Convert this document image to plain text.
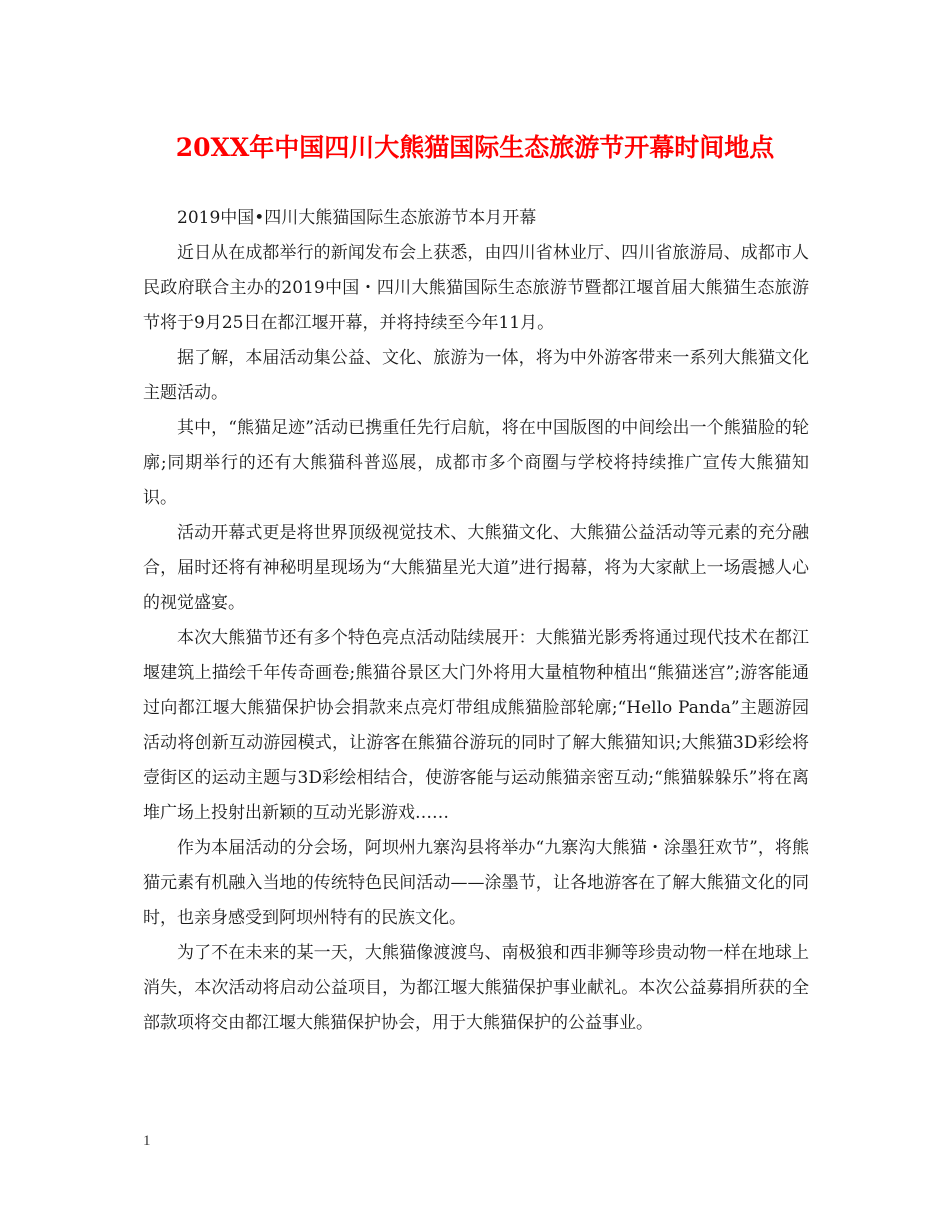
20XX年中国四川大熊猫国际生态旅游节开幕时间地点

2019中国•四川大熊猫国际生态旅游节本月开幕

近日从在成都举行的新闻发布会上获悉，由四川省林业厅、四川省旅游局、成都市人民政府联合主办的2019中国・四川大熊猫国际生态旅游节暨都江堰首届大熊猫生态旅游节将于9月25日在都江堰开幕，并将持续至今年11月。

据了解，本届活动集公益、文化、旅游为一体，将为中外游客带来一系列大熊猫文化主题活动。

其中，“熊猫足迹”活动已携重任先行启航，将在中国版图的中间绘出一个熊猫脸的轮廓;同期举行的还有大熊猫科普巡展，成都市多个商圈与学校将持续推广宣传大熊猫知识。

活动开幕式更是将世界顶级视觉技术、大熊猫文化、大熊猫公益活动等元素的充分融合，届时还将有神秘明星现场为“大熊猫星光大道”进行揭幕，将为大家献上一场震撼人心的视觉盛宴。

本次大熊猫节还有多个特色亮点活动陆续展开：大熊猫光影秀将通过现代技术在都江堰建筑上描绘千年传奇画卷;熊猫谷景区大门外将用大量植物种植出“熊猫迷宫”;游客能通过向都江堰大熊猫保护协会捐款来点亮灯带组成熊猫脸部轮廓;“Hello Panda”主题游园活动将创新互动游园模式，让游客在熊猫谷游玩的同时了解大熊猫知识;大熊猫3D彩绘将壹街区的运动主题与3D彩绘相结合，使游客能与运动熊猫亲密互动;“熊猫躲躲乐”将在离堆广场上投射出新颖的互动光影游戏……

作为本届活动的分会场，阿坝州九寨沟县将举办“九寨沟大熊猫・涂墨狂欢节”，将熊猫元素有机融入当地的传统特色民间活动——涂墨节，让各地游客在了解大熊猫文化的同时，也亲身感受到阿坝州特有的民族文化。

为了不在未来的某一天，大熊猫像渡渡鸟、南极狼和西非狮等珍贵动物一样在地球上消失，本次活动将启动公益项目，为都江堰大熊猫保护事业献礼。本次公益募捐所获的全部款项将交由都江堰大熊猫保护协会，用于大熊猫保护的公益事业。

1
